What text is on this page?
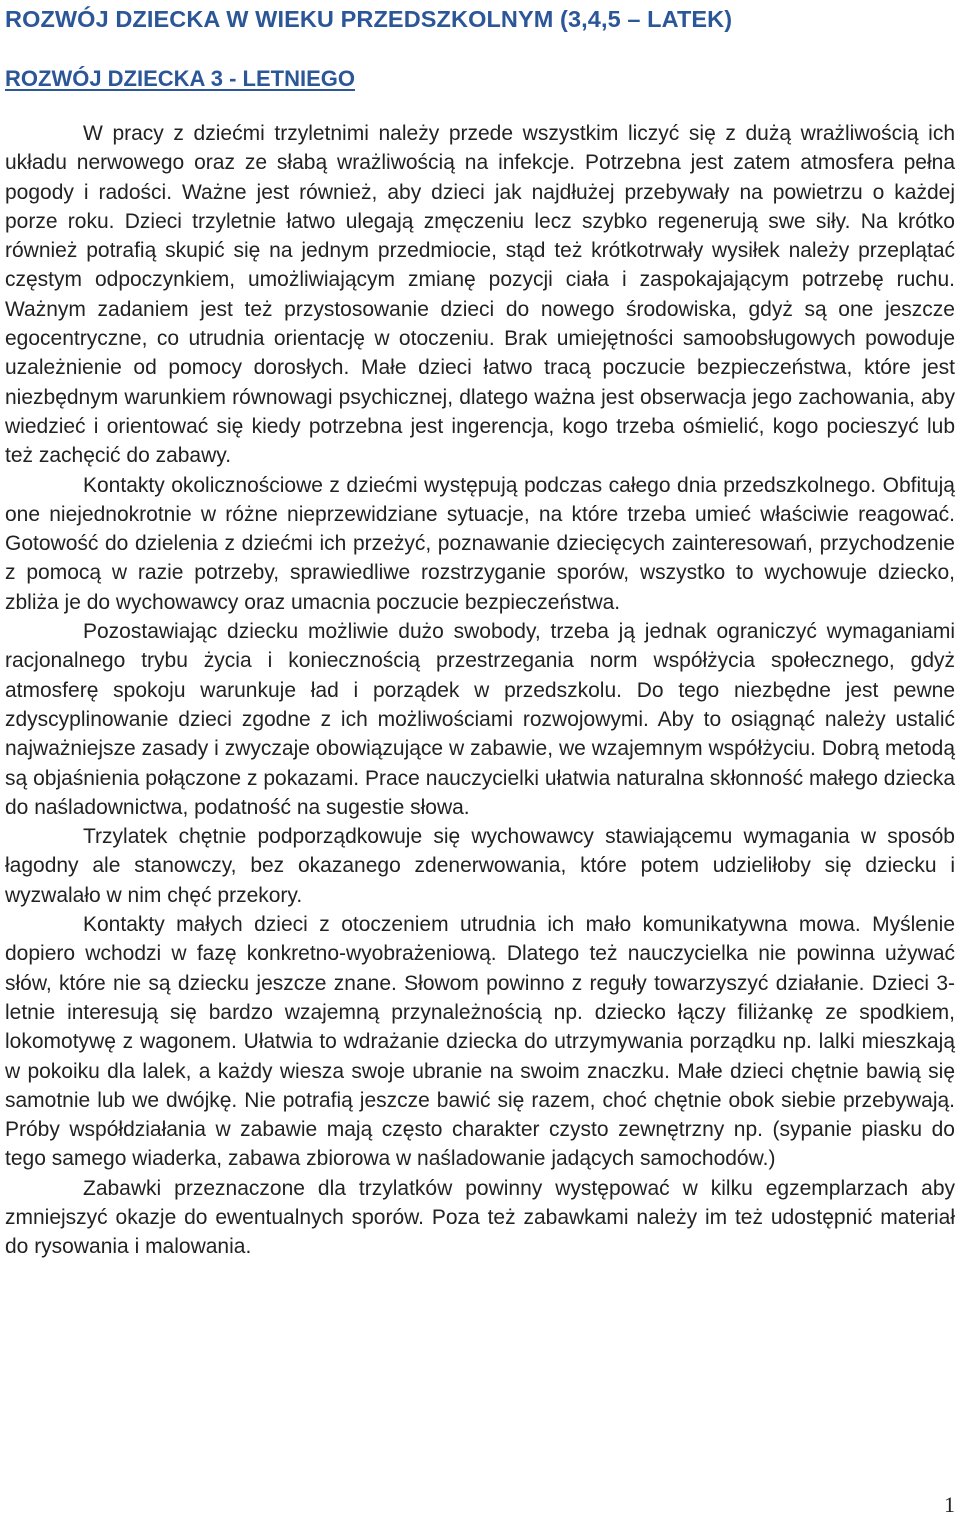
ROZWÓJ DZIECKA W WIEKU PRZEDSZKOLNYM (3,4,5 – LATEK)
ROZWÓJ DZIECKA 3 - LETNIEGO

W pracy z dziećmi trzyletnimi należy przede wszystkim liczyć się z dużą wrażliwością ich układu nerwowego oraz ze słabą wrażliwością na infekcje. Potrzebna jest zatem atmosfera pełna pogody i radości. Ważne jest również, aby dzieci jak najdłużej przebywały na powietrzu o każdej porze roku. Dzieci trzyletnie łatwo ulegają zmęczeniu lecz szybko regenerują swe siły. Na krótko również potrafią skupić się na jednym przedmiocie, stąd też krótkotrwały wysiłek należy przeplątać częstym odpoczynkiem, umożliwiającym zmianę pozycji ciała i zaspokajającym potrzebę ruchu. Ważnym zadaniem jest też przystosowanie dzieci do nowego środowiska, gdyż są one jeszcze egocentryczne, co utrudnia orientację w otoczeniu. Brak umiejętności samoobsługowych powoduje uzależnienie od pomocy dorosłych. Małe dzieci łatwo tracą poczucie bezpieczeństwa, które jest niezbędnym warunkiem równowagi psychicznej, dlatego ważna jest obserwacja jego zachowania, aby wiedzieć i orientować się kiedy potrzebna jest ingerencja, kogo trzeba ośmielić, kogo pocieszyć lub też zachęcić do zabawy.

Kontakty okolicznościowe z dziećmi występują podczas całego dnia przedszkolnego. Obfitują one niejednokrotnie w różne nieprzewidziane sytuacje, na które trzeba umieć właściwie reagować. Gotowość do dzielenia z dziećmi ich przeżyć, poznawanie dziecięcych zainteresowań, przychodzenie z pomocą w razie potrzeby, sprawiedliwe rozstrzyganie sporów, wszystko to wychowuje dziecko, zbliża je do wychowawcy oraz umacnia poczucie bezpieczeństwa.

Pozostawiając dziecku możliwie dużo swobody, trzeba ją jednak ograniczyć wymaganiami racjonalnego trybu życia i koniecznością przestrzegania norm współżycia społecznego, gdyż atmosferę spokoju warunkuje ład i porządek w przedszkolu. Do tego niezbędne jest pewne zdyscyplinowanie dzieci zgodne z ich możliwościami rozwojowymi. Aby to osiągnąć należy ustalić najważniejsze zasady i zwyczaje obowiązujące w zabawie, we wzajemnym współżyciu. Dobrą metodą są objaśnienia połączone z pokazami. Prace nauczycielki ułatwia naturalna skłonność małego dziecka do naśladownictwa, podatność na sugestie słowa.

Trzylatek chętnie podporządkowuje się wychowawcy stawiającemu wymagania w sposób łagodny ale stanowczy, bez okazanego zdenerwowania, które potem udzieliłoby się dziecku i wyzwalało w nim chęć przekory.

Kontakty małych dzieci z otoczeniem utrudnia ich mało komunikatywna mowa. Myślenie dopiero wchodzi w fazę konkretno-wyobrażeniową. Dlatego też nauczycielka nie powinna używać słów, które nie są dziecku jeszcze znane. Słowom powinno z reguły towarzyszyć działanie. Dzieci 3-letnie interesują się bardzo wzajemną przynależnością np. dziecko łączy filiżankę ze spodkiem, lokomotywę z wagonem. Ułatwia to wdrażanie dziecka do utrzymywania porządku np. lalki mieszkają w pokoiku dla lalek, a każdy wiesza swoje ubranie na swoim znaczku. Małe dzieci chętnie bawią się samotnie lub we dwójkę. Nie potrafią jeszcze bawić się razem, choć chętnie obok siebie przebywają. Próby współdziałania w zabawie mają często charakter czysto zewnętrzny np. (sypanie piasku do tego samego wiaderka, zabawa zbiorowa w naśladowanie jadących samochodów.)

Zabawki przeznaczone dla trzylatków powinny występować w kilku egzemplarzach aby zmniejszyć okazje do ewentualnych sporów. Poza też zabawkami należy im też udostępnić materiał do rysowania i malowania.

1
